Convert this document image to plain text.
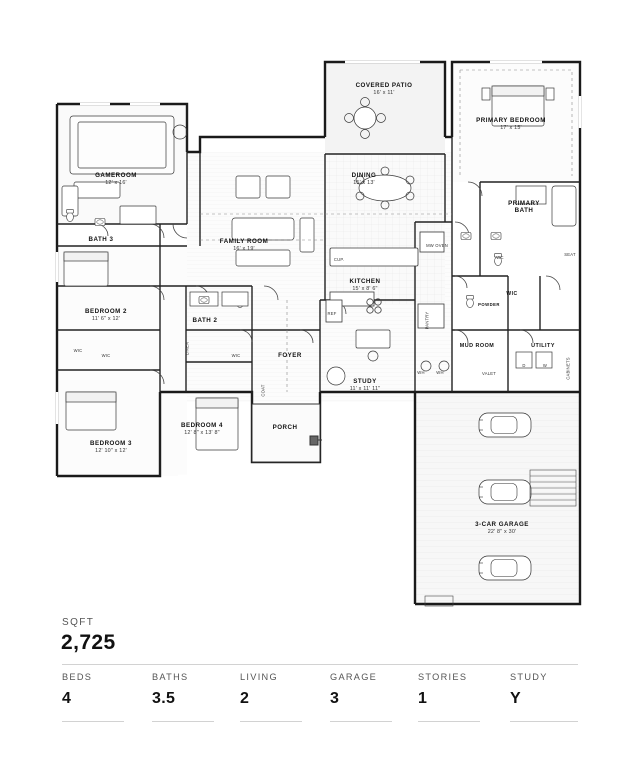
COVERED PATIO
16' x 11'
PRIMARY BEDROOM
17' x 15'
GAMEROOM
12' x 16'
DINING
15' x 13'
PRIMARY BATH
BATH 3	FAMILY ROOM
16' x 19'
KITCHEN
15' x 8' 6"
BEDROOM 2
11' 6" x 12'	BATH 2
WIC
POWDER
FOYER
MUD ROOM	UTILITY
STUDY
11' x 11' 11"
BEDROOM 4
12' 8" x 13' 8"
BEDROOM 3
12' 10" x 12'
PORCH
3-CAR GARAGE
22' 8" x 30'
WIC
WIC	WIC
LINEN
COAT
REF	PANTRY
MW OVEN
CUP.
WH	WH	VALET
D	W	CABINETS
SEAT
WC
SQFT
2,725
BEDS
4
BATHS
3.5
LIVING
2
GARAGE
3
STORIES
1
STUDY
Y
